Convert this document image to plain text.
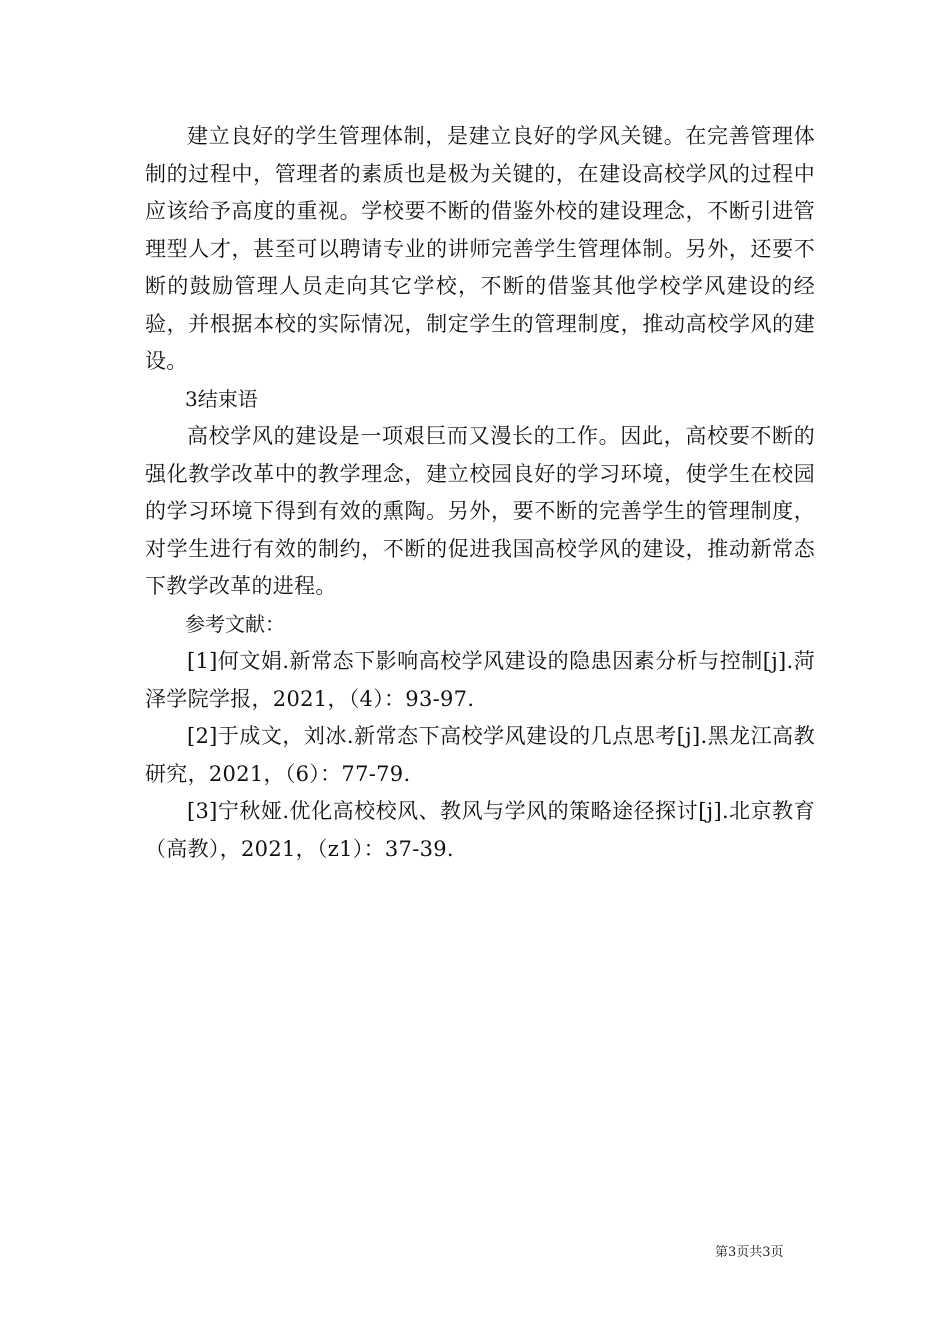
建立良好的学生管理体制，是建立良好的学风关键。在完善管理体制的过程中，管理者的素质也是极为关键的，在建设高校学风的过程中应该给予高度的重视。学校要不断的借鉴外校的建设理念，不断引进管理型人才，甚至可以聘请专业的讲师完善学生管理体制。另外，还要不断的鼓励管理人员走向其它学校，不断的借鉴其他学校学风建设的经验，并根据本校的实际情况，制定学生的管理制度，推动高校学风的建设。

3结束语

高校学风的建设是一项艰巨而又漫长的工作。因此，高校要不断的强化教学改革中的教学理念，建立校园良好的学习环境，使学生在校园的学习环境下得到有效的熏陶。另外，要不断的完善学生的管理制度，对学生进行有效的制约，不断的促进我国高校学风的建设，推动新常态下教学改革的进程。

参考文献：

[1]何文娟.新常态下影响高校学风建设的隐患因素分析与控制[j].菏泽学院学报，2021，（4）：93-97.

[2]于成文，刘冰.新常态下高校学风建设的几点思考[j].黑龙江高教研究，2021，（6）：77-79.

[3]宁秋娅.优化高校校风、教风与学风的策略途径探讨[j].北京教育（高教），2021，（z1）：37-39.

第3页共3页
